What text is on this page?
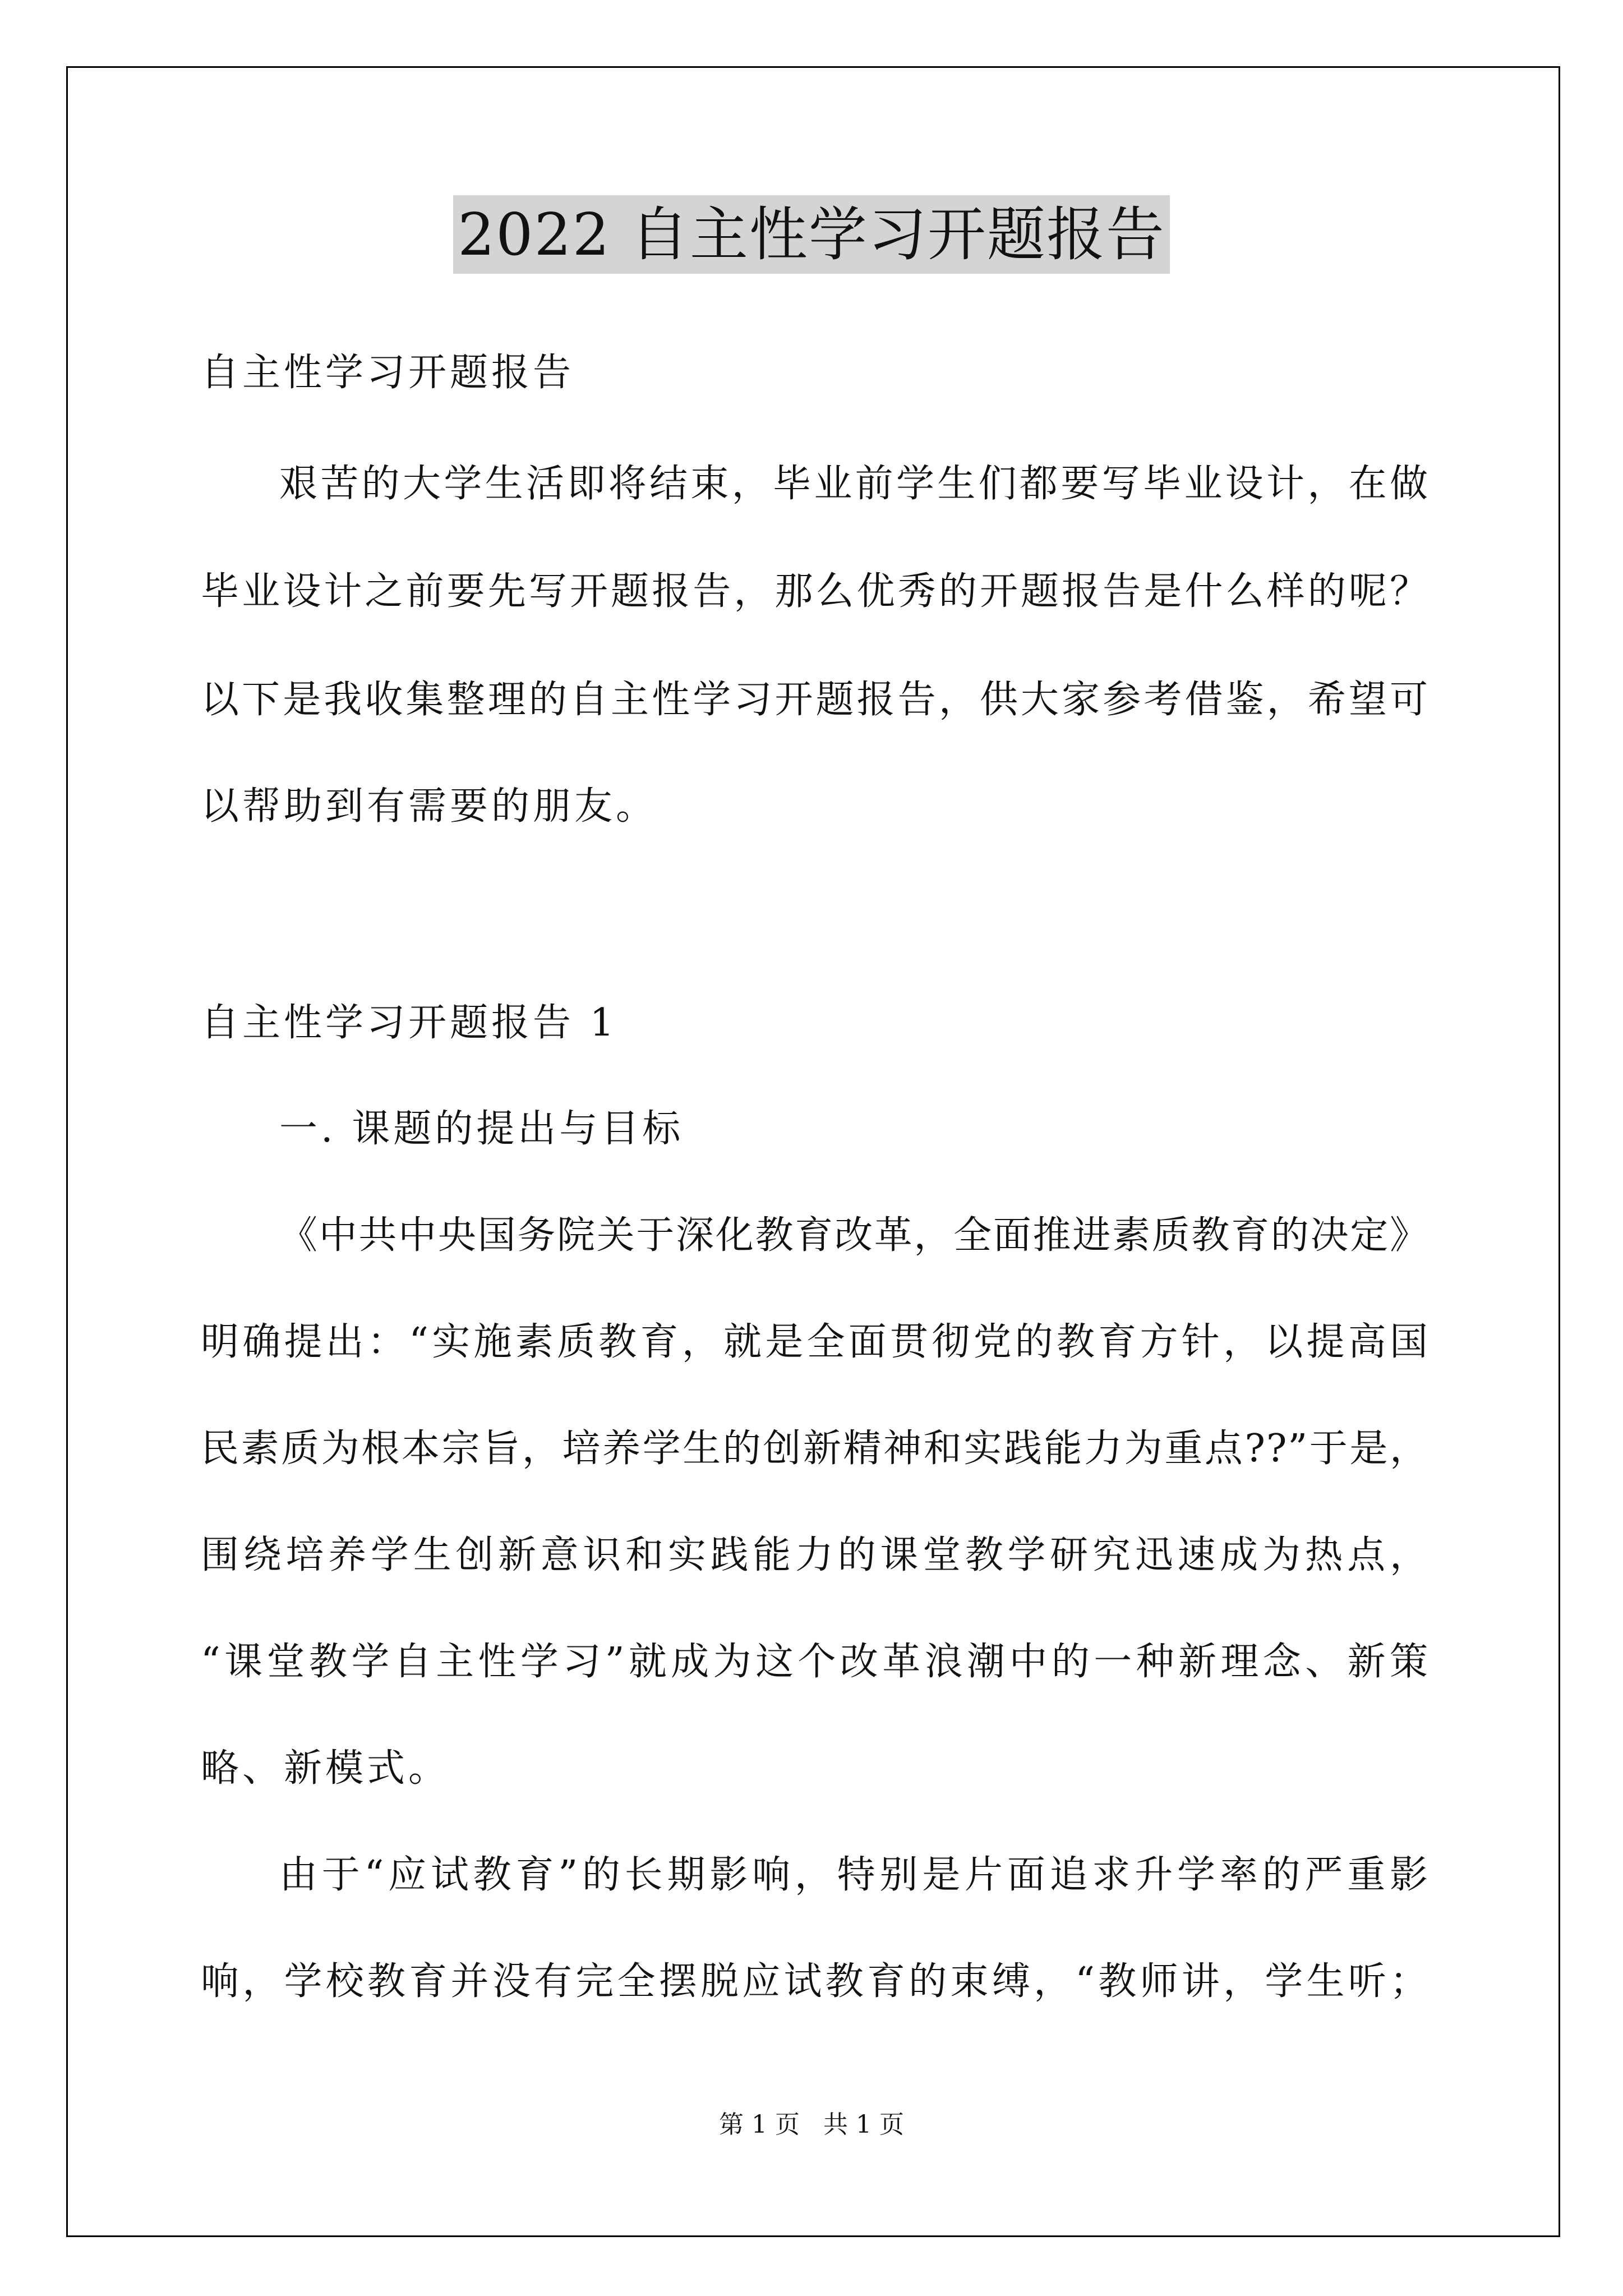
2022 自主性学习开题报告
自主性学习开题报告
艰苦的大学生活即将结束，毕业前学生们都要写毕业设计，在做
毕业设计之前要先写开题报告，那么优秀的开题报告是什么样的呢？
以下是我收集整理的自主性学习开题报告，供大家参考借鉴，希望可
以帮助到有需要的朋友。
自主性学习开题报告 1
一. 课题的提出与目标
《中共中央国务院关于深化教育改革，全面推进素质教育的决定》
明确提出：“实施素质教育，就是全面贯彻党的教育方针，以提高国
民素质为根本宗旨，培养学生的创新精神和实践能力为重点??”于是，
围绕培养学生创新意识和实践能力的课堂教学研究迅速成为热点，
“课堂教学自主性学习”就成为这个改革浪潮中的一种新理念、新策
略、新模式。
由于“应试教育”的长期影响，特别是片面追求升学率的严重影
响，学校教育并没有完全摆脱应试教育的束缚，“教师讲，学生听；
第 1 页 共 1 页
